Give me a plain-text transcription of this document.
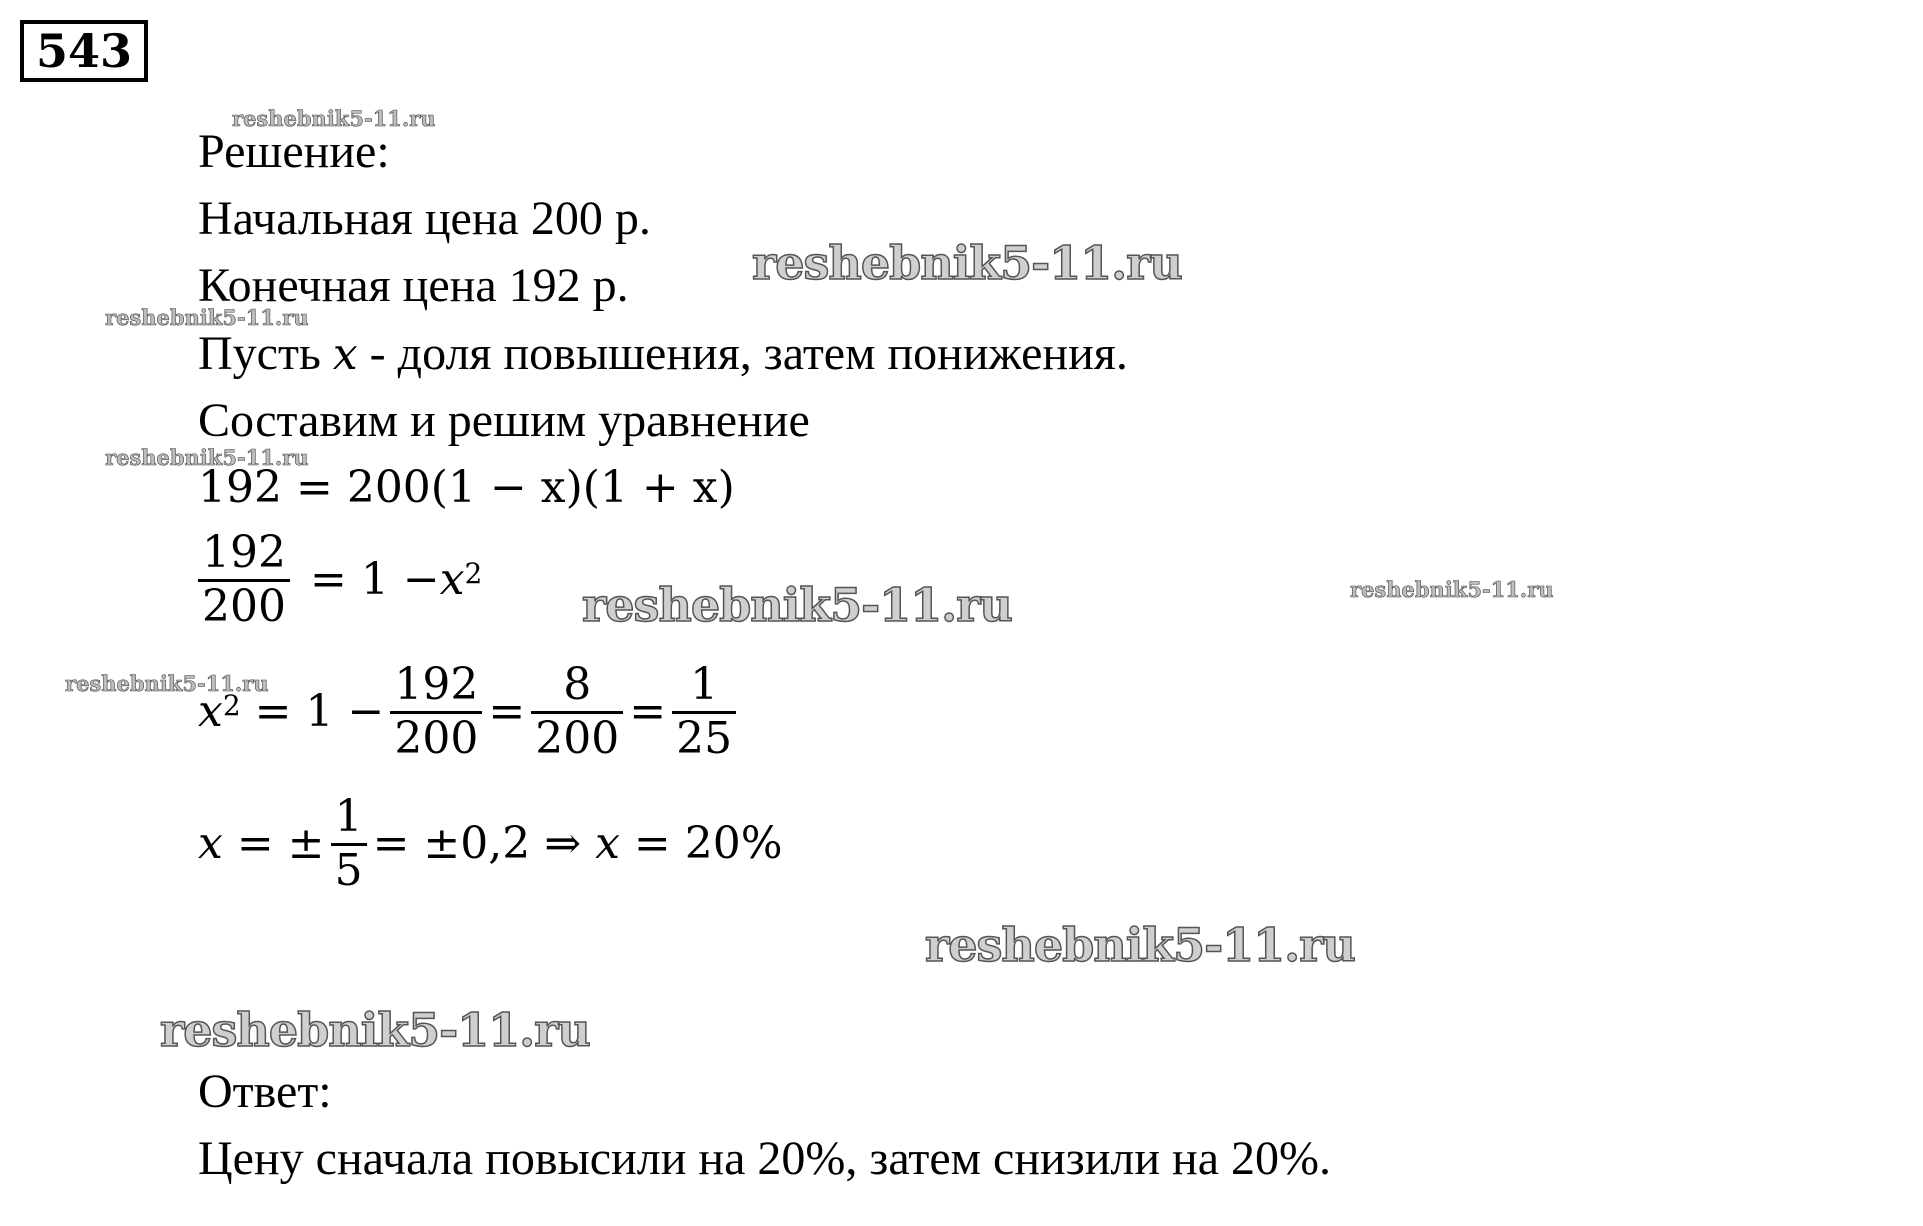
543
reshebnik5-11.ru
reshebnik5-11.ru
reshebnik5-11.ru
reshebnik5-11.ru
reshebnik5-11.ru	reshebnik5-11.ru
reshebnik5-11.ru
reshebnik5-11.ru
reshebnik5-11.ru
Решение:
Начальная цена 200 р.
Конечная цена 192 р.
Пусть x - доля повышения, затем понижения.
Составим и решим уравнение
192 = 200(1 − x)(1 + x)
$\frac{192}{200} = 1 - x^2$
$x^2 = 1 - \frac{192}{200} = \frac{8}{200} = \frac{1}{25}$
x = ± $\frac{1}{5} = \pm 0,2$ ⇒ x = 20%
Ответ:
Цену сначала повысили на 20%, затем снизили на 20%.
